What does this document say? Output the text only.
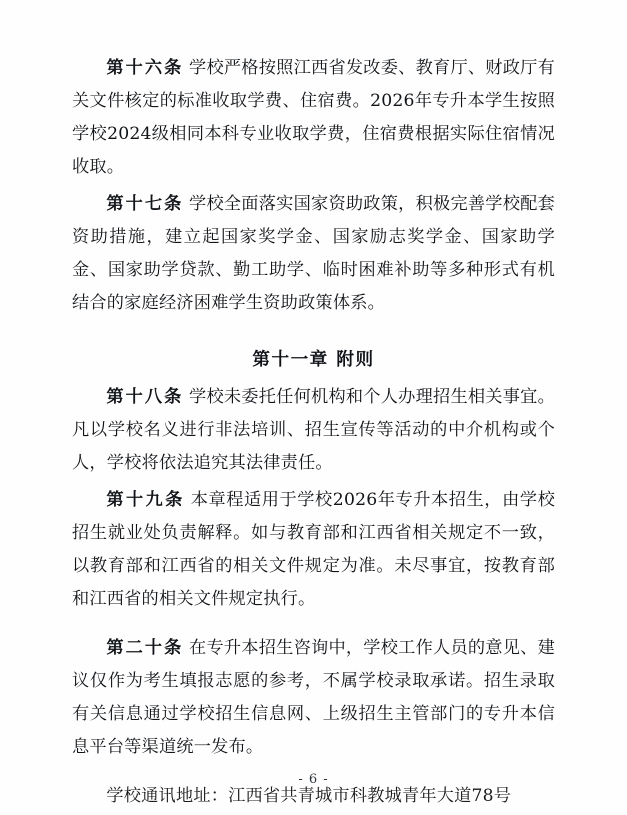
第十六条 学校严格按照江西省发改委、教育厅、财政厅有关文件核定的标准收取学费、住宿费。2026年专升本学生按照学校2024级相同本科专业收取学费，住宿费根据实际住宿情况收取。

第十七条 学校全面落实国家资助政策，积极完善学校配套资助措施，建立起国家奖学金、国家励志奖学金、国家助学金、国家助学贷款、勤工助学、临时困难补助等多种形式有机结合的家庭经济困难学生资助政策体系。

第十一章 附则

第十八条 学校未委托任何机构和个人办理招生相关事宜。凡以学校名义进行非法培训、招生宣传等活动的中介机构或个人，学校将依法追究其法律责任。

第十九条 本章程适用于学校2026年专升本招生，由学校招生就业处负责解释。如与教育部和江西省相关规定不一致，以教育部和江西省的相关文件规定为准。未尽事宜，按教育部和江西省的相关文件规定执行。

第二十条 在专升本招生咨询中，学校工作人员的意见、建议仅作为考生填报志愿的参考，不属学校录取承诺。招生录取有关信息通过学校招生信息网、上级招生主管部门的专升本信息平台等渠道统一发布。

学校通讯地址：江西省共青城市科教城青年大道78号

- 6 -
